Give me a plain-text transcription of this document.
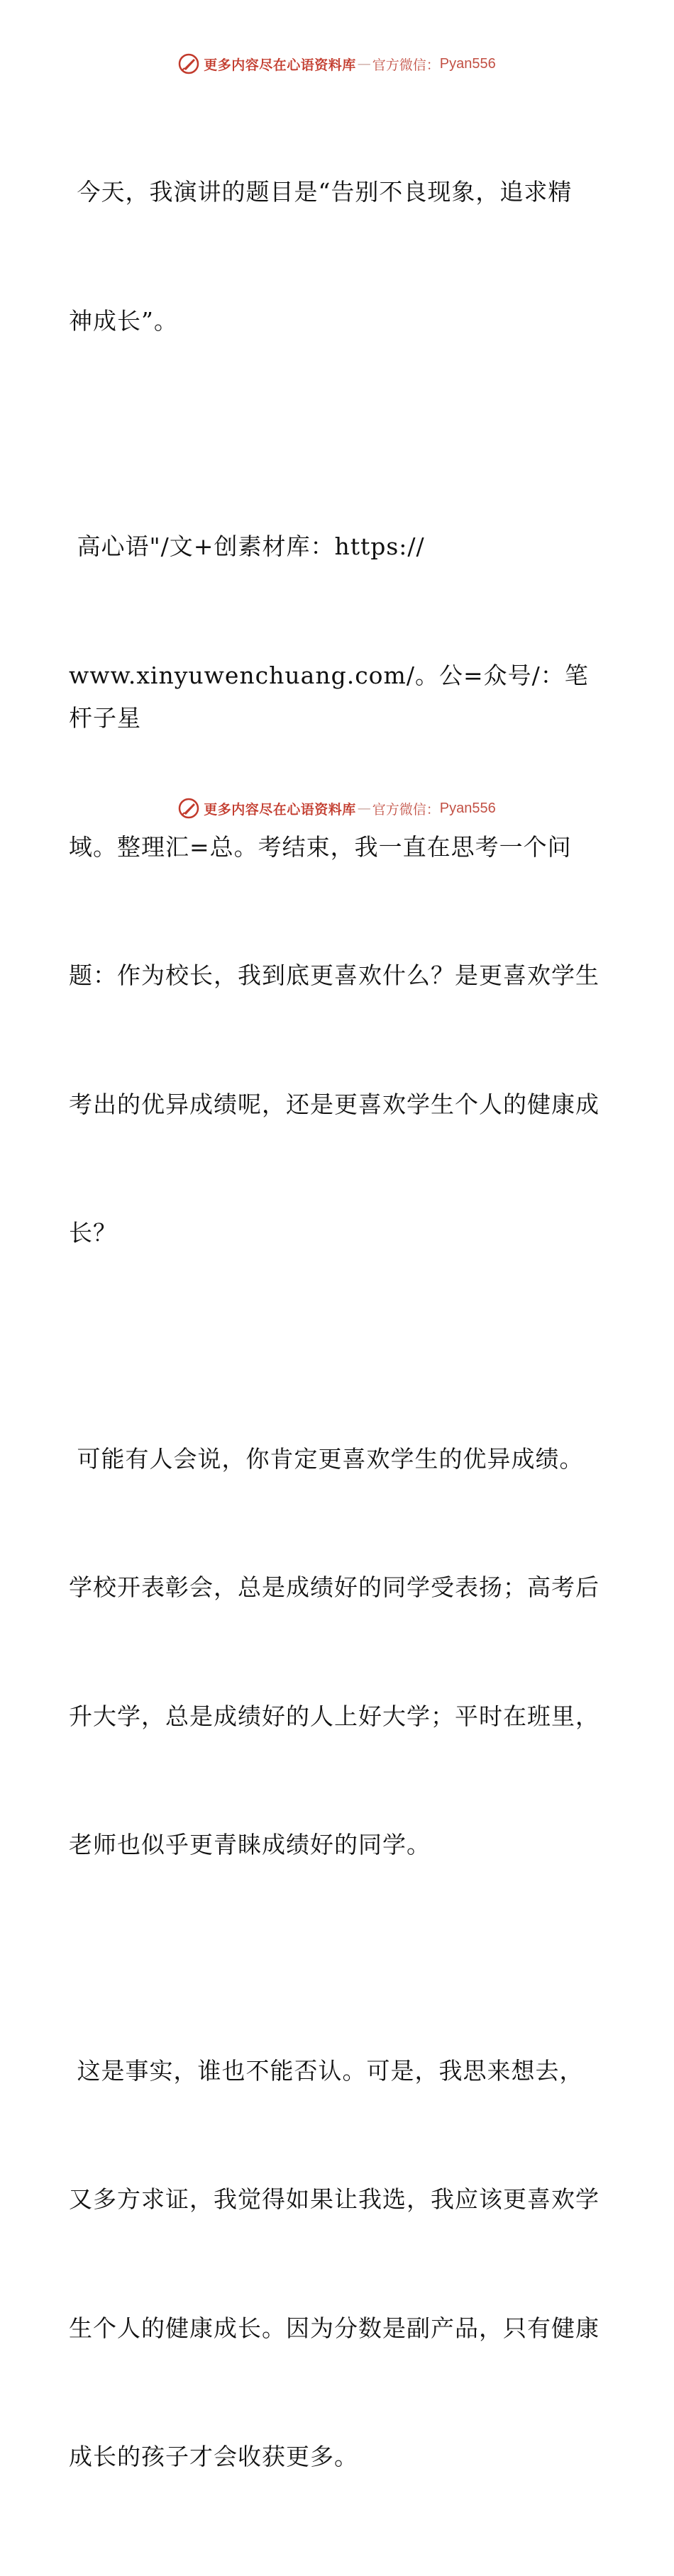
更多内容尽在心语资料库 — 官方微信： Pyan556

今天，我演讲的题目是“告别不良现象，追求精

神成长”。

高心语"/文+创素材库：https://

www.xinyuwenchuang.com/。公=众号/：笔杆子星

域。整理汇=总。考结束，我一直在思考一个问

题：作为校长，我到底更喜欢什么？是更喜欢学生

考出的优异成绩呢，还是更喜欢学生个人的健康成

长？

可能有人会说，你肯定更喜欢学生的优异成绩。

学校开表彰会，总是成绩好的同学受表扬；高考后

升大学，总是成绩好的人上好大学；平时在班里，

老师也似乎更青睐成绩好的同学。

这是事实，谁也不能否认。可是，我思来想去，

又多方求证，我觉得如果让我选，我应该更喜欢学

生个人的健康成长。因为分数是副产品，只有健康

成长的孩子才会收获更多。

更多内容尽在心语资料库 — 官方微信： Pyan556
